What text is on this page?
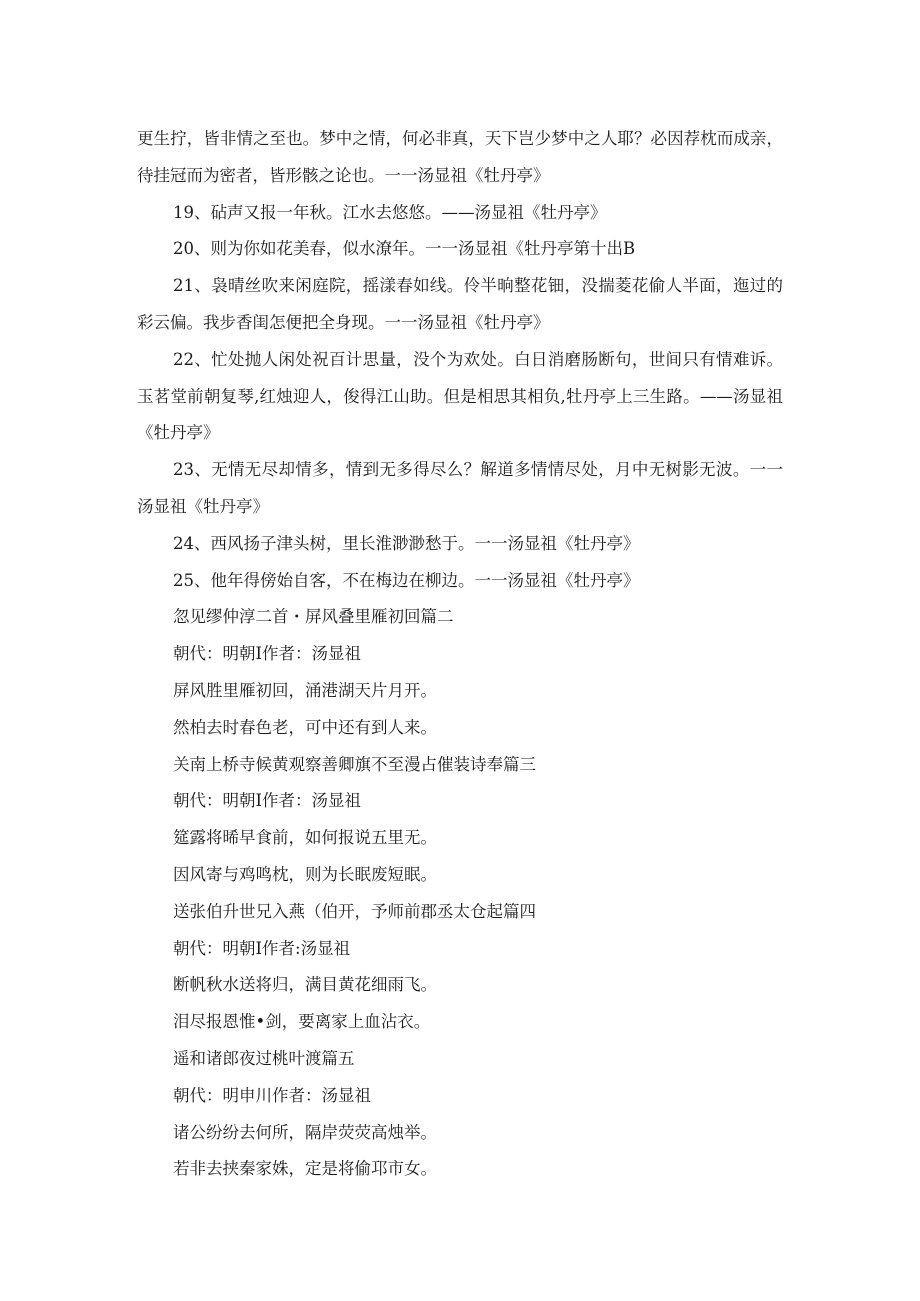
更生拧，皆非情之至也。梦中之情，何必非真，天下岂少梦中之人耶？必因荐枕而成亲，待挂冠而为密者，皆形骸之论也。一一汤显祖《牡丹亭》

19、砧声又报一年秋。江水去悠悠。——汤显祖《牡丹亭》

20、则为你如花美春，似水潦年。一一汤显祖《牡丹亭第十出B

21、袅晴丝吹来闲庭院，摇漾春如线。伶半晌整花钿，没揣菱花偷人半面，迤过的彩云偏。我步香闺怎便把全身现。一一汤显祖《牡丹亭》

22、忙处抛人闲处祝百计思量，没个为欢处。白日消磨肠断句，世间只有情难诉。玉茗堂前朝复琴,红烛迎人，俊得江山助。但是相思其相负,牡丹亭上三生路。——汤显祖《牡丹亭》

23、无情无尽却情多，情到无多得尽么？解道多情情尽处，月中无树影无波。一一汤显祖《牡丹亭》

24、西风扬子津头树，里长淮渺渺愁于。一一汤显祖《牡丹亭》

25、他年得傍始自客，不在梅边在柳边。一一汤显祖《牡丹亭》

忽见缪仲淳二首・屏风叠里雁初回篇二

朝代：明朝I作者：汤显祖

屏风胜里雁初回，涌港湖天片月开。

然柏去时春色老，可中还有到人来。

关南上桥寺候黄观察善卿旗不至漫占催装诗奉篇三

朝代：明朝I作者：汤显祖

筵露将晞早食前，如何报说五里无。

因风寄与鸡鸣枕，则为长眠废短眠。

送张伯升世兄入燕（伯开，予师前郡丞太仓起篇四

朝代：明朝I作者:汤显祖

断帆秋水送将归，满目黄花细雨飞。

泪尽报恩惟•剑，要离家上血沾衣。

遥和诸郎夜过桃叶渡篇五

朝代：明申川作者：汤显祖

诸公纷纷去何所，隔岸荧荧高烛举。

若非去挟秦家姝，定是将偷邛市女。
